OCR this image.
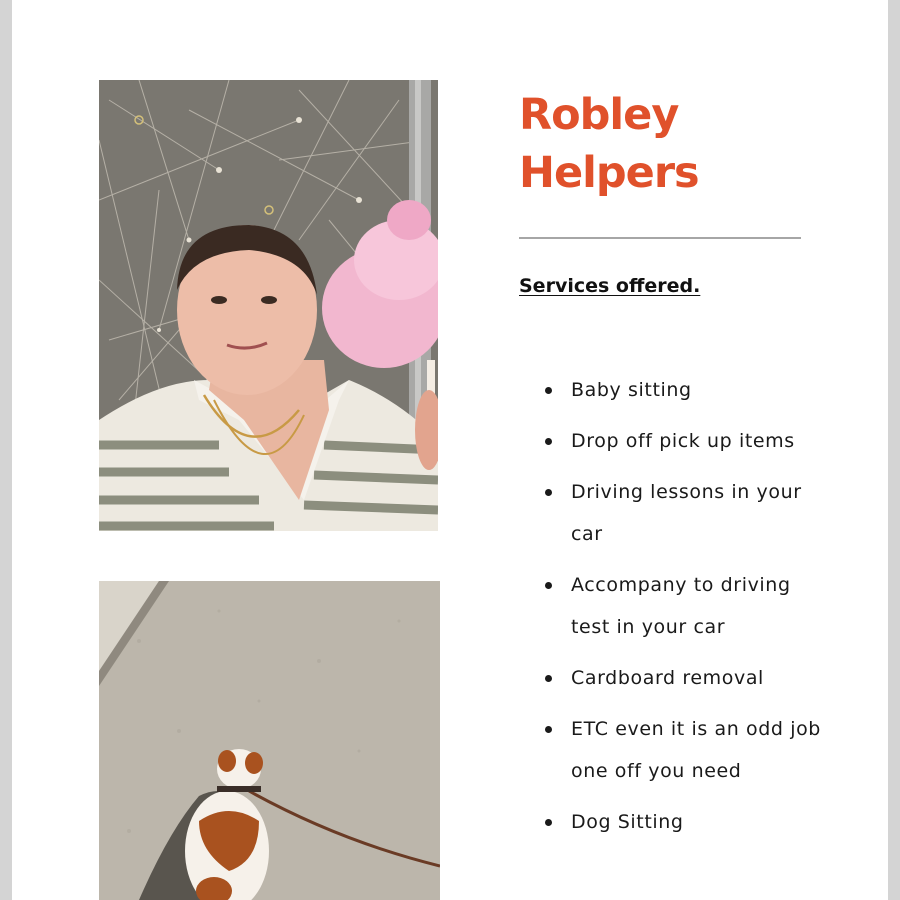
Robley
Helpers
Services offered.
Baby sitting
Drop off pick up items
Driving lessons in your car
Accompany to driving test in your car
Cardboard removal
ETC even it is an odd job one off you need
Dog Sitting
